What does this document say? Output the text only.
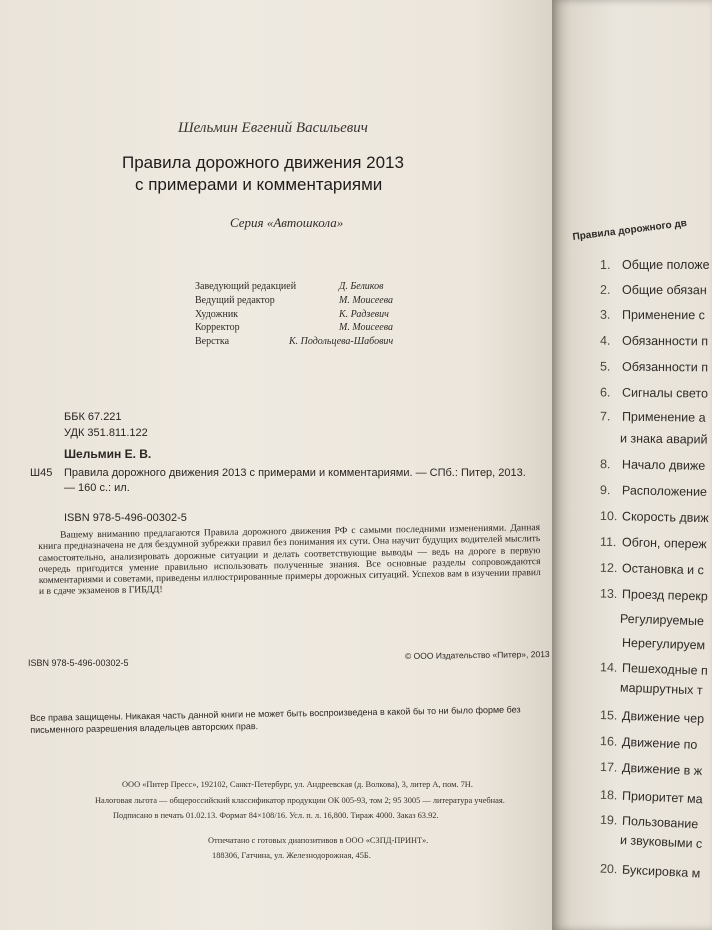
Шельмин Евгений Васильевич
Правила дорожного движения 2013
с примерами и комментариями
Серия «Автошкола»
Заведующий редакцией	Д. Беликов
Ведущий редактор	М. Моисеева
Художник	К. Радзевич
Корректор	М. Моисеева
Верстка	К. Подольцева-Шабович
ББК 67.221
УДК 351.811.122
Шельмин Е. В.
Ш45 Правила дорожного движения 2013 с примерами и комментариями. — СПб.: Питер, 2013. — 160 с.: ил.
ISBN 978-5-496-00302-5
Вашему вниманию предлагаются Правила дорожного движения РФ с самыми последними изменениями. Данная книга предназначена не для бездумной зубрежки правил без понимания их сути. Она научит будущих водителей мыслить самостоятельно, анализировать дорожные ситуации и делать соответствующие выводы — ведь на дороге в первую очередь пригодится умение правильно использовать полученные знания. Все основные разделы сопровождаются комментариями и советами, приведены иллюстрированные примеры дорожных ситуаций. Успехов вам в изучении правил и в сдаче экзаменов в ГИБДД!
ISBN 978-5-496-00302-5
© ООО Издательство «Питер», 2013
Все права защищены. Никакая часть данной книги не может быть воспроизведена в какой бы то ни было форме без письменного разрешения владельцев авторских прав.
ООО «Питер Пресс», 192102, Санкт-Петербург, ул. Андреевская (д. Волкова), 3, литер А, пом. 7Н.
Налоговая льгота — общероссийский классификатор продукции ОК 005-93, том 2; 95 3005 — литература учебная.
Подписано в печать 01.02.13. Формат 84×108/16. Усл. п. л. 16,800. Тираж 4000. Заказ 63.92.
Отпечатано с готовых диапозитивов в ООО «СЗПД-ПРИНТ».
188306, Гатчина, ул. Железнодорожная, 45Б.
Правила дорожного дв
1. Общие положе
2. Общие обязан
3. Применение с
4. Обязанности п
5. Обязанности п
6. Сигналы свето
7. Применение а
и знака аварий
8. Начало движе
9. Расположение
10. Скорость движ
11. Обгон, опереж
12. Остановка и с
13. Проезд перекр
Регулируемые
Нерегулируем
14. Пешеходные п
маршрутных т
15. Движение чер
16. Движение по
17. Движение в ж
18. Приоритет ма
19. Пользование
и звуковыми с
20. Буксировка м
